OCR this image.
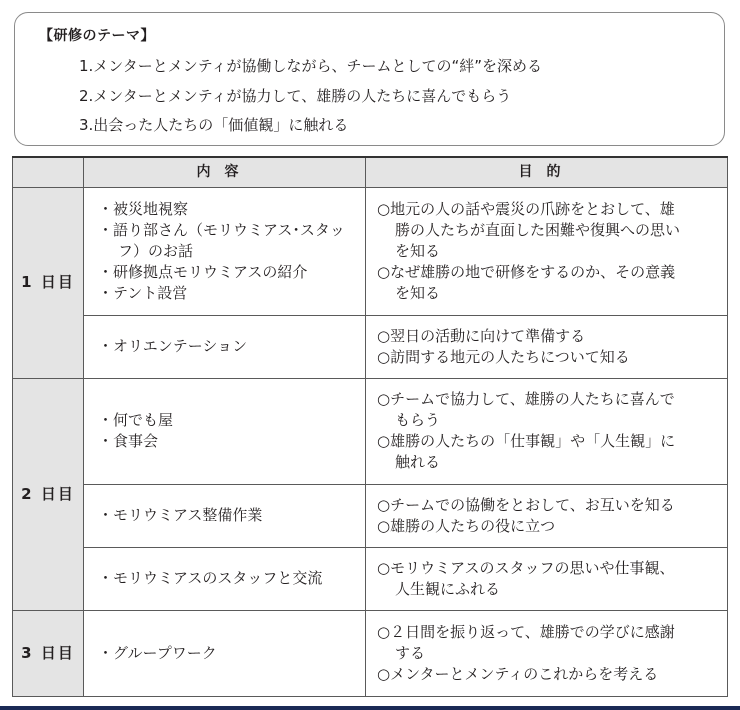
【研修のテーマ】
1.メンターとメンティが協働しながら、チームとしての“絆”を深める
2.メンターとメンティが協力して、雄勝の人たちに喜んでもらう
3.出会った人たちの「価値観」に触れる
	内容	目的
1 日目	・被災地視察
・語り部さん（モリウミアス･スタッ
フ）のお話
・研修拠点モリウミアスの紹介
・テント設営	○地元の人の話や震災の爪跡をとおして、雄
勝の人たちが直面した困難や復興への思い
を知る
○なぜ雄勝の地で研修をするのか、その意義
を知る

	・オリエンテーション	○翌日の活動に向けて準備する
○訪問する地元の人たちについて知る

2 日目	・何でも屋
・食事会	○チームで協力して、雄勝の人たちに喜んで
もらう
○雄勝の人たちの「仕事観」や「人生観」に
触れる

	・モリウミアス整備作業	○チームでの協働をとおして、お互いを知る
○雄勝の人たちの役に立つ

	・モリウミアスのスタッフと交流	○モリウミアスのスタッフの思いや仕事観、
人生観にふれる

3 日目	・グループワーク	○２日間を振り返って、雄勝での学びに感謝
する
○メンターとメンティのこれからを考える
